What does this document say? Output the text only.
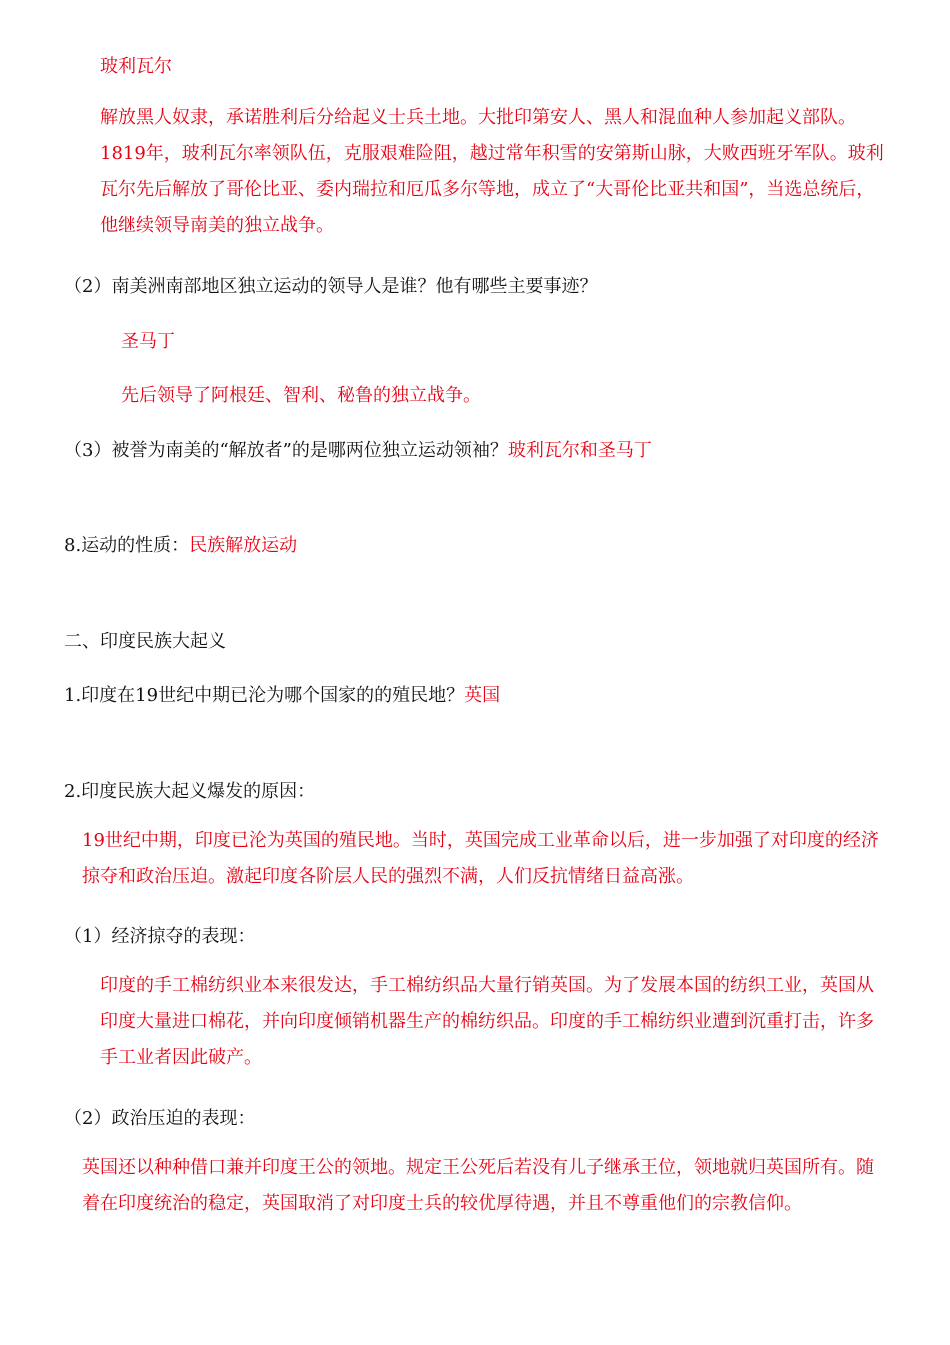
玻利瓦尔

解放黑人奴隶，承诺胜利后分给起义士兵土地。大批印第安人、黑人和混血种人参加起义部队。1819年，玻利瓦尔率领队伍，克服艰难险阻，越过常年积雪的安第斯山脉，大败西班牙军队。玻利瓦尔先后解放了哥伦比亚、委内瑞拉和厄瓜多尔等地，成立了“大哥伦比亚共和国”，当选总统后，他继续领导南美的独立战争。

（2）南美洲南部地区独立运动的领导人是谁？他有哪些主要事迹？

圣马丁

先后领导了阿根廷、智利、秘鲁的独立战争。

（3）被誉为南美的“解放者”的是哪两位独立运动领袖？玻利瓦尔和圣马丁

8.运动的性质：民族解放运动

二、印度民族大起义

1.印度在19世纪中期已沦为哪个国家的的殖民地？英国

2.印度民族大起义爆发的原因：

19世纪中期，印度已沦为英国的殖民地。当时，英国完成工业革命以后，进一步加强了对印度的经济掠夺和政治压迫。激起印度各阶层人民的强烈不满，人们反抗情绪日益高涨。

（1）经济掠夺的表现：

印度的手工棉纺织业本来很发达，手工棉纺织品大量行销英国。为了发展本国的纺织工业，英国从印度大量进口棉花，并向印度倾销机器生产的棉纺织品。印度的手工棉纺织业遭到沉重打击，许多手工业者因此破产。

（2）政治压迫的表现：

英国还以种种借口兼并印度王公的领地。规定王公死后若没有儿子继承王位，领地就归英国所有。随着在印度统治的稳定，英国取消了对印度士兵的较优厚待遇，并且不尊重他们的宗教信仰。
